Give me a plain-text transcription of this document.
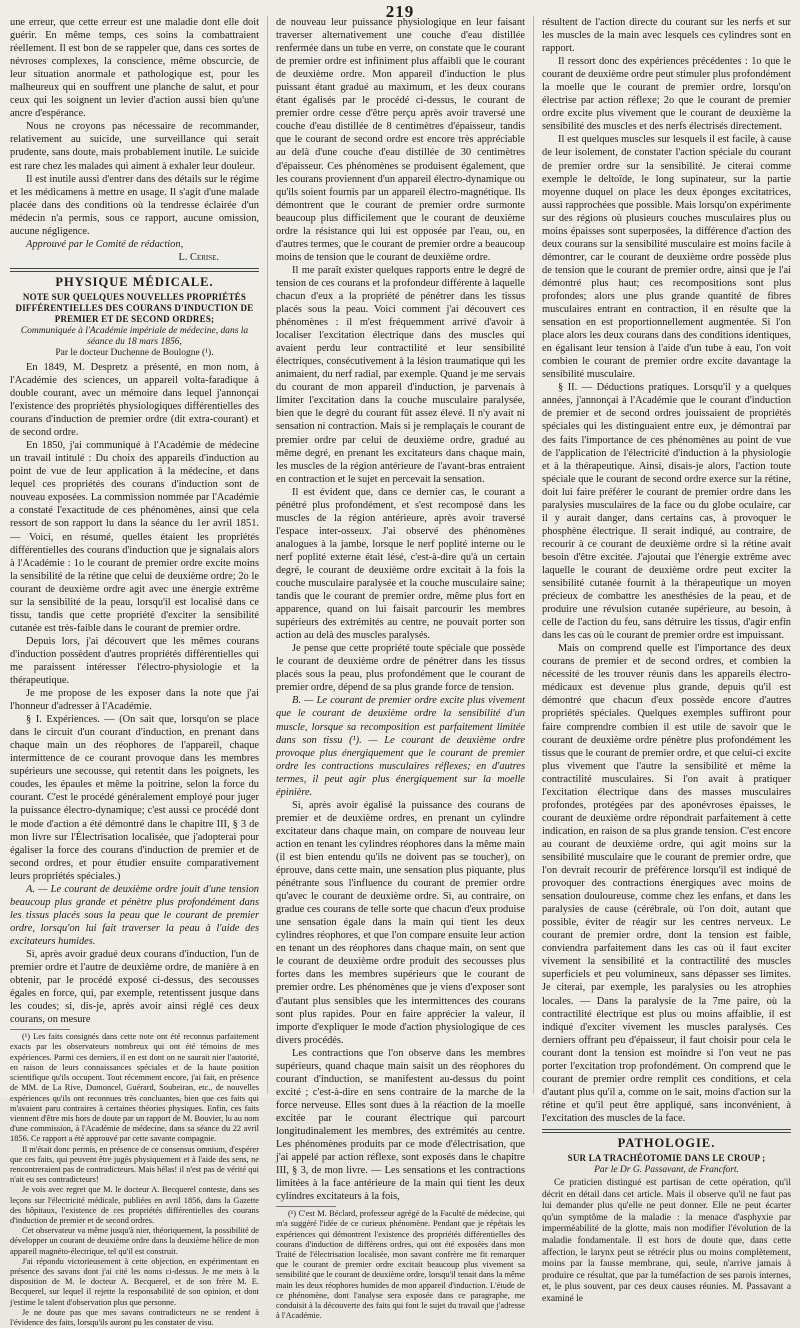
219

une erreur, que cette erreur est une maladie dont elle doit guérir. En même temps, ces soins la combattraient réellement. Il est bon de se rappeler que, dans ces sortes de névroses complexes, la conscience, même obscurcie, de leur situation anormale et pathologique est, pour les malheureux qui en souffrent une planche de salut, et pour ceux qui les soignent un levier d'action aussi bien qu'une ancre d'espérance.

Nous ne croyons pas nécessaire de recommander, relativement au suicide, une surveillance qui serait prudente, sans doute, mais probablement inutile. Le suicide est rare chez les malades qui aiment à exhaler leur douleur.

Il est inutile aussi d'entrer dans des détails sur le régime et les médicamens à mettre en usage. Il s'agit d'une malade placée dans des conditions où la tendresse éclairée d'un médecin n'a permis, sous ce rapport, aucune omission, aucune négligence.

Approuvé par le Comité de rédaction,

L. Cerise.

PHYSIQUE MÉDICALE.
NOTE SUR QUELQUES NOUVELLES PROPRIÉTÉS DIFFÉRENTIELLES DES COURANS D'INDUCTION DE PREMIER ET DE SECOND ORDRES;

Communiquée à l'Académie impériale de médecine, dans la séance du 18 mars 1856,

Par le docteur Duchenne de Boulogne (¹).

En 1849, M. Despretz a présenté, en mon nom, à l'Académie des sciences, un appareil volta-faradique à double courant, avec un mémoire dans lequel j'annonçai l'existence des propriétés physiologiques différentielles des courans d'induction de premier ordre (dit extra-courant) et de second ordre.

En 1850, j'ai communiqué à l'Académie de médecine un travail intitulé : Du choix des appareils d'induction au point de vue de leur application à la médecine, et dans lequel ces propriétés des courans d'induction sont de nouveau exposées. La commission nommée par l'Académie a constaté l'exactitude de ces phénomènes, ainsi que cela ressort de son rapport lu dans la séance du 1er avril 1851. — Voici, en résumé, quelles étaient les propriétés différentielles des courans d'induction que je signalais alors à l'Académie : 1o le courant de premier ordre excite moins la sensibilité de la rétine que celui de deuxième ordre; 2o le courant de deuxième ordre agit avec une énergie extrême sur la sensibilité de la peau, lorsqu'il est localisé dans ce tissu, tandis que cette propriété d'exciter la sensibilité cutanée est très-faible dans le courant de premier ordre.

Depuis lors, j'ai découvert que les mêmes courans d'induction possèdent d'autres propriétés différentielles qui me paraissent intéresser l'électro-physiologie et la thérapeutique.

Je me propose de les exposer dans la note que j'ai l'honneur d'adresser à l'Académie.

§ I. Expériences. — (On sait que, lorsqu'on se place dans le circuit d'un courant d'induction, en prenant dans chaque main un des réophores de l'appareil, chaque intermittence de ce courant provoque dans les membres supérieurs une secousse, qui retentit dans les poignets, les coudes, les épaules et même la poitrine, selon la force du courant. C'est le procédé généralement employé pour juger la puissance électro-dynamique; c'est aussi ce procédé dont le mode d'action a été démontré dans le chapitre III, § 3 de mon livre sur l'Électrisation localisée, que j'adopterai pour égaliser la force des courans d'induction de premier et de second ordres, et pour étudier ensuite comparativement leurs propriétés spéciales.)

A. — Le courant de deuxième ordre jouit d'une tension beaucoup plus grande et pénètre plus profondément dans les tissus placés sous la peau que le courant de premier ordre, lorsqu'on lui fait traverser la peau à l'aide des excitateurs humides.

Si, après avoir gradué deux courans d'induction, l'un de premier ordre et l'autre de deuxième ordre, de manière à en obtenir, par le procédé exposé ci-dessus, des secousses égales en force, qui, par exemple, retentissent jusque dans les coudes; si, dis-je, après avoir ainsi réglé ces deux courans, on mesure

(¹) Les faits consignés dans cette note ont été reconnus parfaitement exacts par les observateurs nombreux qui ont été témoins de mes expériences. Parmi ces derniers, il en est dont on ne saurait nier l'autorité, en raison de leurs connaissances spéciales et de la haute position scientifique qu'ils occupent. Tout récemment encore, j'ai fait, en présence de MM. de La Rive, Dumoncel, Guérard, Soubeiran, etc., de nouvelles expériences qu'ils ont reconnues très concluantes, bien que ces faits qui m'avaient paru contraires à certaines théories physiques. Enfin, ces faits viennent d'être mis hors de doute par un rapport de M. Bouvier, lu au nom d'une commission, à l'Académie de médecine, dans sa séance du 22 avril 1856. Ce rapport a été approuvé par cette savante compagnie.

Il m'était donc permis, en présence de ce consensus omnium, d'espérer que ces faits, qui peuvent être jugés physiquement et à l'aide des sens, ne rencontreraient pas de contradicteurs. Mais hélas! il n'est pas de vérité qui n'ait eu ses contradicteurs!

Je vois avec regret que M. le docteur A. Becquerel conteste, dans ses leçons sur l'électricité médicale, publiées en avril 1856, dans la Gazette des hôpitaux, l'existence de ces propriétés différentielles des courans d'induction de premier et de second ordres.

Cet observateur va même jusqu'à nier, théoriquement, la possibilité de développer un courant de deuxième ordre dans la deuxième hélice de mon appareil magnéto-électrique, tel qu'il est construit.

J'ai répondu victorieusement à cette objection, en expérimentant en présence des savans dont j'ai cité les noms ci-dessus. Je me mets à la disposition de M. le docteur A. Becquerel, et de son frère M. E. Becquerel, sur lequel il rejette la responsabilité de son opinion, et dont j'estime le talent d'observation plus que personne.

Je ne doute pas que mes savans contradicteurs ne se rendent à l'évidence des faits, lorsqu'ils auront pu les constater de visu.

de nouveau leur puissance physiologique en leur faisant traverser alternativement une couche d'eau distillée renfermée dans un tube en verre, on constate que le courant de premier ordre est infiniment plus affaibli que le courant de deuxième ordre. Mon appareil d'induction le plus puissant étant gradué au maximum, et les deux courans étant égalisés par le procédé ci-dessus, le courant de premier ordre cesse d'être perçu après avoir traversé une couche d'eau distillée de 8 centimètres d'épaisseur, tandis que le courant de second ordre est encore très appréciable au delà d'une couche d'eau distillée de 30 centimètres d'épaisseur. Ces phénomènes se produisent également, que les courans proviennent d'un appareil électro-dynamique ou qu'ils soient fournis par un appareil électro-magnétique. Ils démontrent que le courant de premier ordre surmonte beaucoup plus difficilement que le courant de deuxième ordre la résistance qui lui est opposée par l'eau, ou, en d'autres termes, que le courant de premier ordre a beaucoup moins de tension que le courant de deuxième ordre.

Il me paraît exister quelques rapports entre le degré de tension de ces courans et la profondeur différente à laquelle chacun d'eux a la propriété de pénétrer dans les tissus placés sous la peau. Voici comment j'ai découvert ces phénomènes : il m'est fréquemment arrivé d'avoir à localiser l'excitation électrique dans des muscles qui avaient perdu leur contractilité et leur sensibilité électriques, consécutivement à la lésion traumatique qui les animaient, du nerf radial, par exemple. Quand je me servais du courant de mon appareil d'induction, je parvenais à limiter l'excitation dans la couche musculaire paralysée, bien que le degré du courant fût assez élevé. Il n'y avait ni sensation ni contraction. Mais si je remplaçais le courant de premier ordre par celui de deuxième ordre, gradué au même degré, en prenant les excitateurs dans chaque main, les muscles de la région antérieure de l'avant-bras entraient en contraction et le sujet en percevait la sensation.

Il est évident que, dans ce dernier cas, le courant a pénétré plus profondément, et s'est recomposé dans les muscles de la région antérieure, après avoir traversé l'espace inter-osseux. J'ai observé des phénomènes analogues à la jambe, lorsque le nerf poplité interne ou le nerf poplité externe était lésé, c'est-à-dire qu'à un certain degré, le courant de deuxième ordre excitait à la fois la couche musculaire paralysée et la couche musculaire saine; tandis que le courant de premier ordre, même plus fort en apparence, quand on lui faisait parcourir les membres supérieurs des extrémités au centre, ne pouvait porter son action au delà des muscles paralysés.

Je pense que cette propriété toute spéciale que possède le courant de deuxième ordre de pénétrer dans les tissus placés sous la peau, plus profondément que le courant de premier ordre, dépend de sa plus grande force de tension.

B. — Le courant de premier ordre excite plus vivement que le courant de deuxième ordre la sensibilité d'un muscle, lorsque sa recomposition est parfaitement limitée dans son tissu (¹). — Le courant de deuxième ordre provoque plus énergiquement que le courant de premier ordre les contractions musculaires réflexes; en d'autres termes, il peut agir plus énergiquement sur la moelle épinière.

Si, après avoir égalisé la puissance des courans de premier et de deuxième ordres, en prenant un cylindre excitateur dans chaque main, on compare de nouveau leur action en tenant les cylindres réophores dans la même main (il est bien entendu qu'ils ne doivent pas se toucher), on éprouve, dans cette main, une sensation plus piquante, plus pénétrante sous l'influence du courant de premier ordre qu'avec le courant de deuxième ordre. Si, au contraire, on gradue ces courans de telle sorte que chacun d'eux produise une sensation égale dans la main qui tient les deux cylindres réophores, et que l'on compare ensuite leur action en tenant un des réophores dans chaque main, on sent que le courant de deuxième ordre produit des secousses plus fortes dans les membres supérieurs que le courant de premier ordre. Les phénomènes que je viens d'exposer sont d'autant plus sensibles que les intermittences des courans sont plus rapides. Pour en faire apprécier la valeur, il importe d'expliquer le mode d'action physiologique de ces divers procédés.

Les contractions que l'on observe dans les membres supérieurs, quand chaque main saisit un des réophores du courant d'induction, se manifestent au-dessus du point excité ; c'est-à-dire en sens contraire de la marche de la force nerveuse. Elles sont dues à la réaction de la moelle excitée par le courant électrique qui parcourt longitudinalement les membres, des extrémités au centre. Les phénomènes produits par ce mode d'électrisation, que j'ai appelé par action réflexe, sont exposés dans le chapitre III, § 3, de mon livre. — Les sensations et les contractions limitées à la face antérieure de la main qui tient les deux cylindres excitateurs à la fois,

(¹) C'est M. Béclard, professeur agrégé de la Faculté de médecine, qui m'a suggéré l'idée de ce curieux phénomène. Pendant que je répétais les expériences qui démontrent l'existence des propriétés différentielles des courans d'induction de différens ordres, qui ont été exposées dans mon Traité de l'électrisation localisée, mon savant confrère me fit remarquer que le courant de premier ordre excitait beaucoup plus vivement sa sensibilité que le courant de deuxième ordre, lorsqu'il tenait dans la même main les deux réophores humides de mon appareil d'induction. L'étude de ce phénomène, dont l'analyse sera exposée dans ce paragraphe, me conduisit à la découverte des faits qui font le sujet du travail que j'adresse à l'Académie.

résultent de l'action directe du courant sur les nerfs et sur les muscles de la main avec lesquels ces cylindres sont en rapport.

Il ressort donc des expériences précédentes : 1o que le courant de deuxième ordre peut stimuler plus profondément la moelle que le courant de premier ordre, lorsqu'on électrise par action réflexe; 2o que le courant de premier ordre excite plus vivement que le courant de deuxième la sensibilité des muscles et des nerfs électrisés directement.

Il est quelques muscles sur lesquels il est facile, à cause de leur isolement, de constater l'action spéciale du courant de premier ordre sur la sensibilité. Je citerai comme exemple le deltoïde, le long supinateur, sur la partie moyenne duquel on place les deux éponges excitatrices, aussi rapprochées que possible. Mais lorsqu'on expérimente sur des régions où plusieurs couches musculaires plus ou moins épaisses sont superposées, la différence d'action des deux courans sur la sensibilité musculaire est moins facile à démontrer, car le courant de deuxième ordre possède plus de tension que le courant de premier ordre, ainsi que je l'ai démontré plus haut; ces recompositions sont plus profondes; alors une plus grande quantité de fibres musculaires entrant en contraction, il en résulte que la sensation en est proportionnellement augmentée. Si l'on place alors les deux courans dans des conditions identiques, en égalisant leur tension à l'aide d'un tube à eau, l'on voit combien le courant de premier ordre excite davantage la sensibilité musculaire.

§ II. — Déductions pratiques. Lorsqu'il y a quelques années, j'annonçai à l'Académie que le courant d'induction de premier et de second ordres jouissaient de propriétés spéciales qui les distinguaient entre eux, je démontrai par des faits l'importance de ces phénomènes au point de vue de l'application de l'électricité d'induction à la physiologie et à la thérapeutique. Ainsi, disais-je alors, l'action toute spéciale que le courant de second ordre exerce sur la rétine, doit lui faire préférer le courant de premier ordre dans les paralysies musculaires de la face ou du globe oculaire, car il y aurait danger, dans certains cas, à provoquer le phosphène électrique. Il serait indiqué, au contraire, de recourir à ce courant de deuxième ordre si la rétine avait besoin d'être excitée. J'ajoutai que l'énergie extrême avec laquelle le courant de deuxième ordre peut exciter la sensibilité cutanée fournit à la thérapeutique un moyen précieux de combattre les anesthésies de la peau, et de produire une révulsion cutanée supérieure, au besoin, à celle de l'action du feu, sans détruire les tissus, d'agir enfin dans les cas où le courant de premier ordre est impuissant.

Mais on comprend quelle est l'importance des deux courans de premier et de second ordres, et combien la nécessité de les trouver réunis dans les appareils électro-médicaux est devenue plus grande, depuis qu'il est démontré que chacun d'eux possède encore d'autres propriétés spéciales. Quelques exemples suffiront pour faire comprendre combien il est utile de savoir que le courant de deuxième ordre pénètre plus profondément les tissus que le courant de premier ordre, et que celui-ci excite plus vivement que l'autre la sensibilité et même la contractilité musculaires. Si l'on avait à pratiquer l'excitation électrique dans des masses musculaires profondes, protégées par des aponévroses épaisses, le courant de deuxième ordre répondrait parfaitement à cette indication, en raison de sa plus grande tension. C'est encore au courant de deuxième ordre, qui agit moins sur la sensibilité musculaire que le courant de premier ordre, que l'on devrait recourir de préférence lorsqu'il est indiqué de provoquer des contractions énergiques avec moins de sensation douloureuse, comme chez les enfans, et dans les paralysies de cause (cérébrale, où l'on doit, autant que possible, éviter de réagir sur les centres nerveux. Le courant de premier ordre, dont la tension est faible, conviendra parfaitement dans les cas où il faut exciter vivement la sensibilité et la contractilité des muscles superficiels et peu volumineux, sans dépasser ses limites. Je citerai, par exemple, les paralysies ou les atrophies locales. — Dans la paralysie de la 7me paire, où la contractilité électrique est plus ou moins affaiblie, il est indiqué d'exciter vivement les muscles paralysés. Ces derniers offrant peu d'épaisseur, il faut choisir pour cela le courant dont la tension est moindre si l'on veut ne pas porter l'excitation trop profondément. On comprend que le courant de premier ordre remplit ces conditions, et cela d'autant plus qu'il a, comme on le sait, moins d'action sur la rétine et qu'il peut être appliqué, sans inconvénient, à l'excitation des muscles de la face.

PATHOLOGIE.
SUR LA TRACHÉOTOMIE DANS LE CROUP ;

Par le Dr G. Passavant, de Francfort.

Ce praticien distingué est partisan de cette opération, qu'il décrit en détail dans cet article. Mais il observe qu'il ne faut pas lui demander plus qu'elle ne peut donner. Elle ne peut écarter qu'un symptôme de la maladie : la menace d'asphyxie par imperméabilité de la glotte, mais non modifier l'évolution de la maladie fondamentale. Il est hors de doute que, dans cette affection, le larynx peut se rétrécir plus ou moins complètement, moins par la fausse membrane, qui, seule, n'arrive jamais à produire ce résultat, que par la tuméfaction de ses parois internes, et, le plus souvent, par ces deux causes réunies. M. Passavant a examiné le
